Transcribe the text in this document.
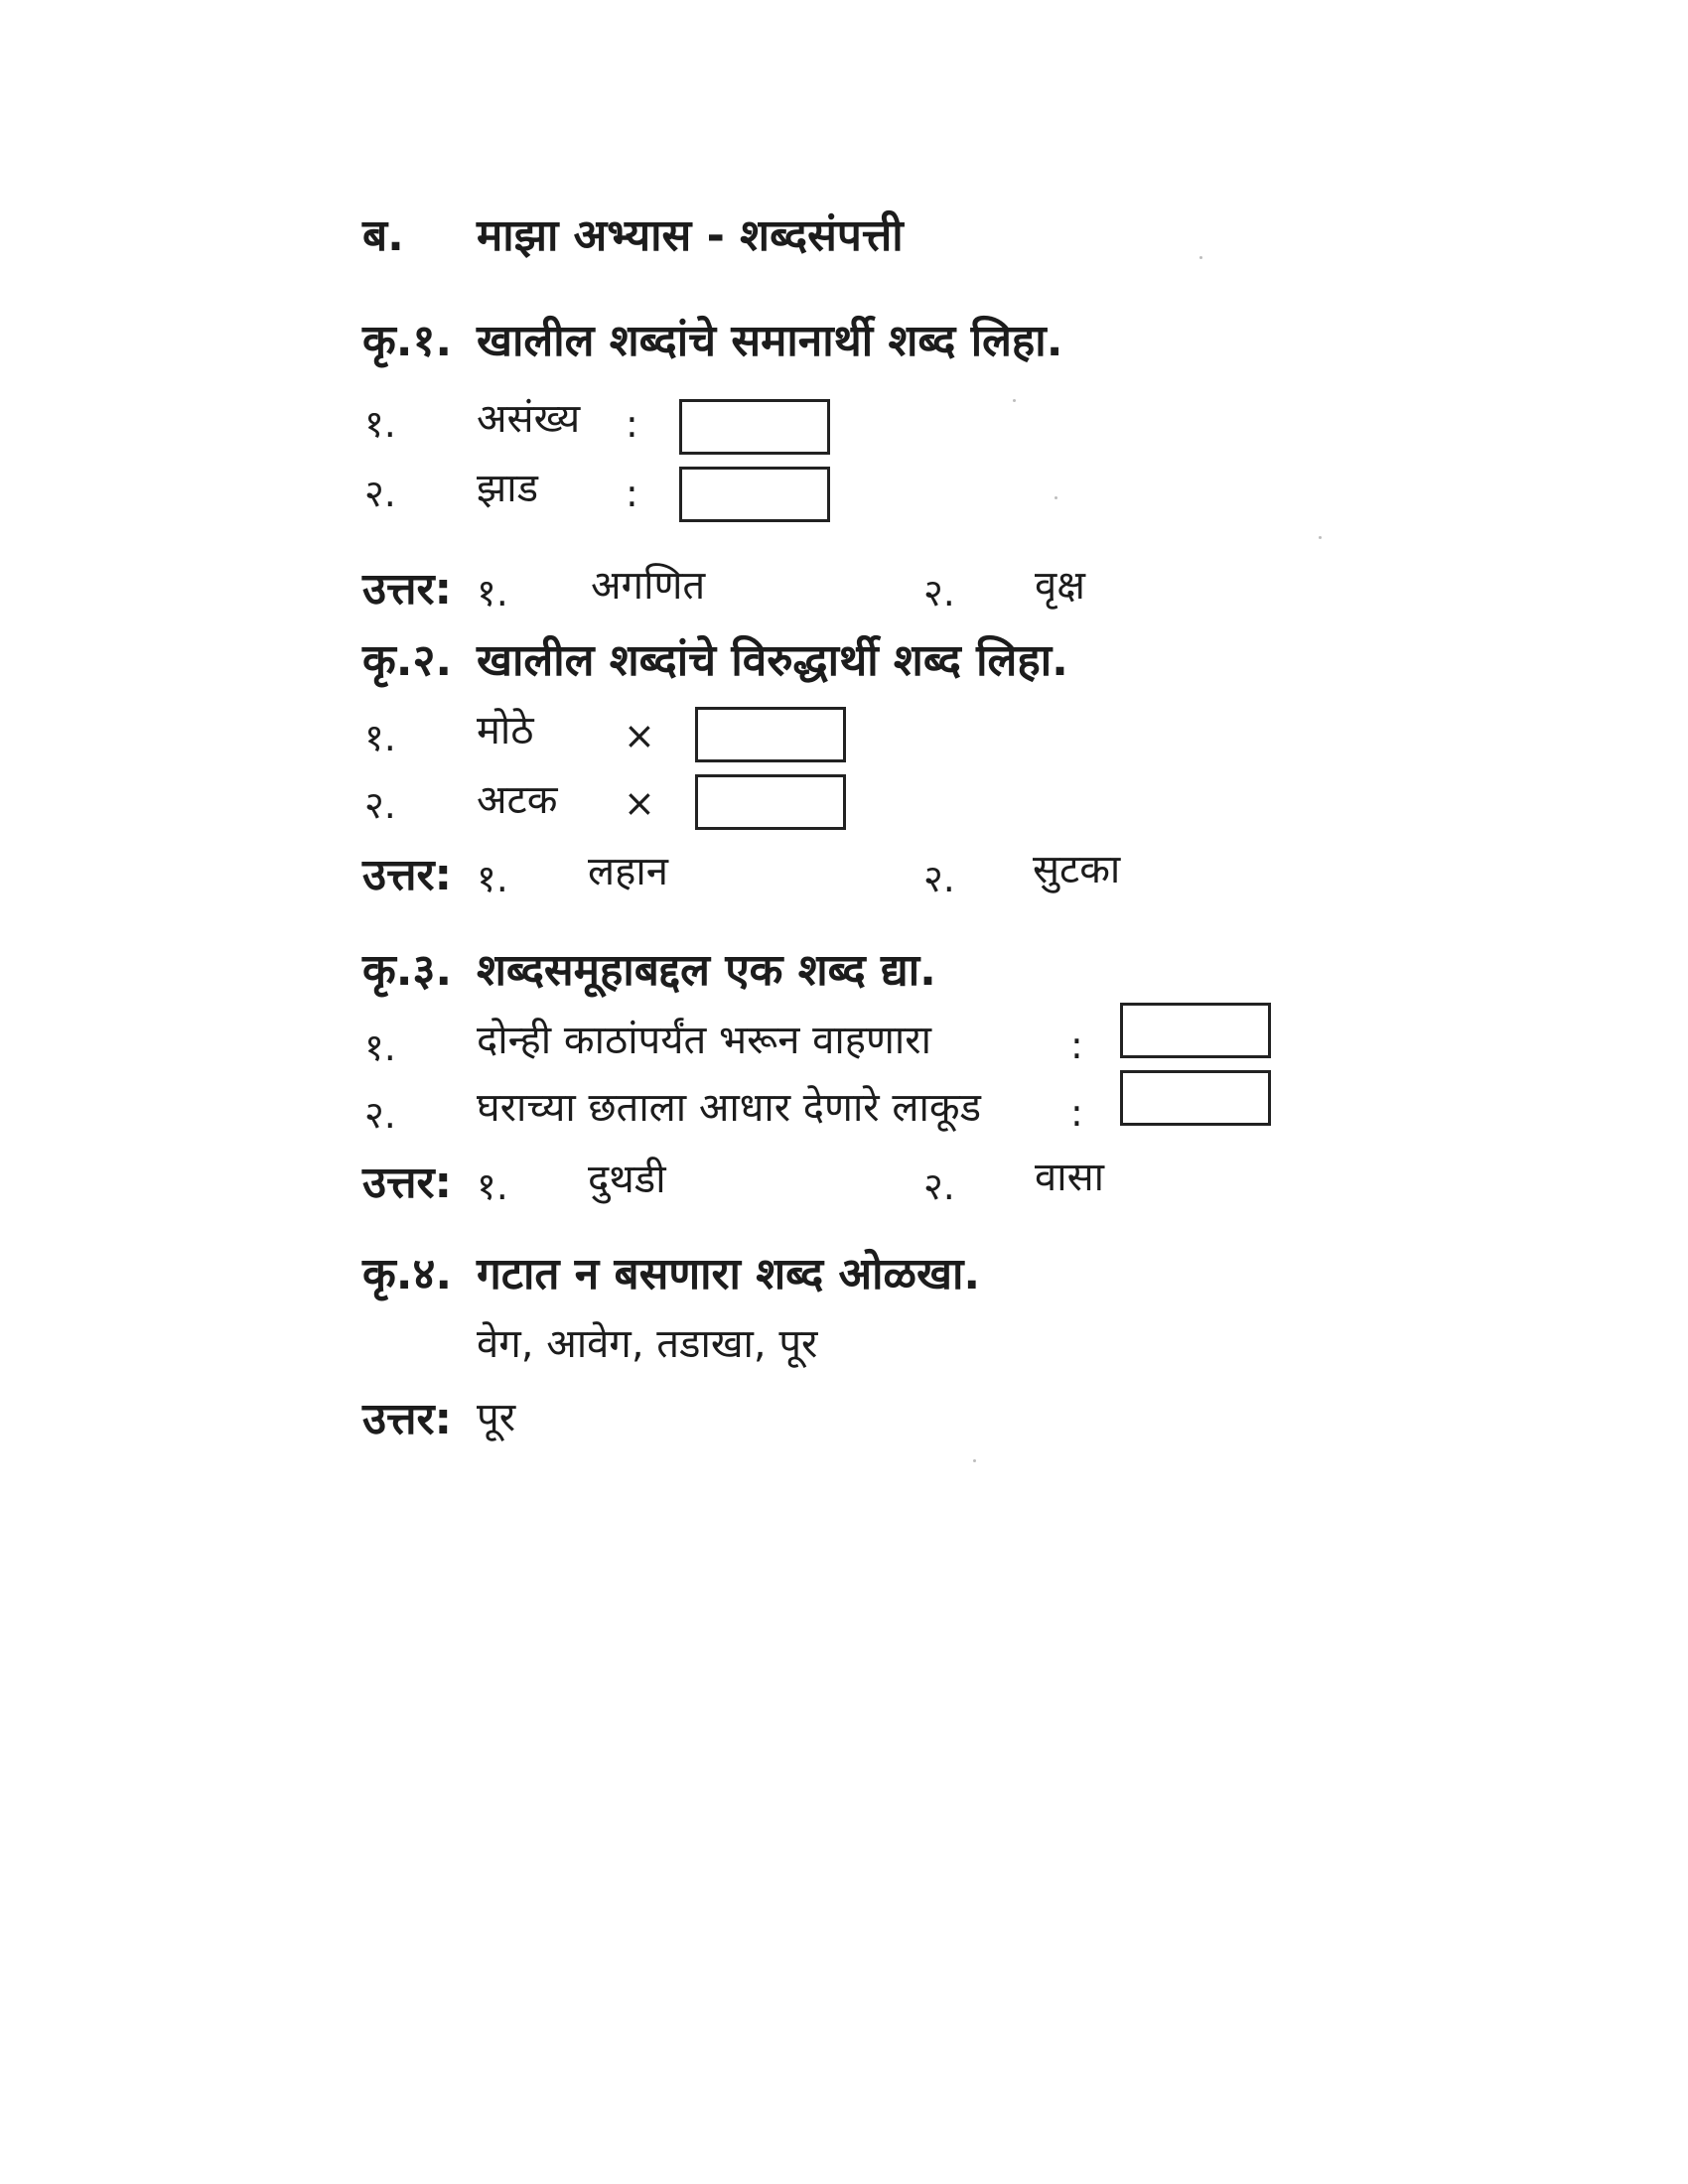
ब. माझा अभ्यास - शब्दसंपत्ती
कृ.१. खालील शब्दांचे समानार्थी शब्द लिहा.
१. असंख्य :
२. झाड :
उत्तर: १. अगणित	२. वृक्ष
कृ.२. खालील शब्दांचे विरुद्धार्थी शब्द लिहा.
१. मोठे ×
२. अटक ×
उत्तर: १. लहान	२. सुटका
कृ.३. शब्दसमूहाबद्दल एक शब्द द्या.
१. दोन्ही काठांपर्यंत भरून वाहणारा	:
२. घराच्या छताला आधार देणारे लाकूड :
उत्तर: १. दुथडी	२. वासा
कृ.४. गटात न बसणारा शब्द ओळखा.
वेग, आवेग, तडाखा, पूर
उत्तर: पूर
